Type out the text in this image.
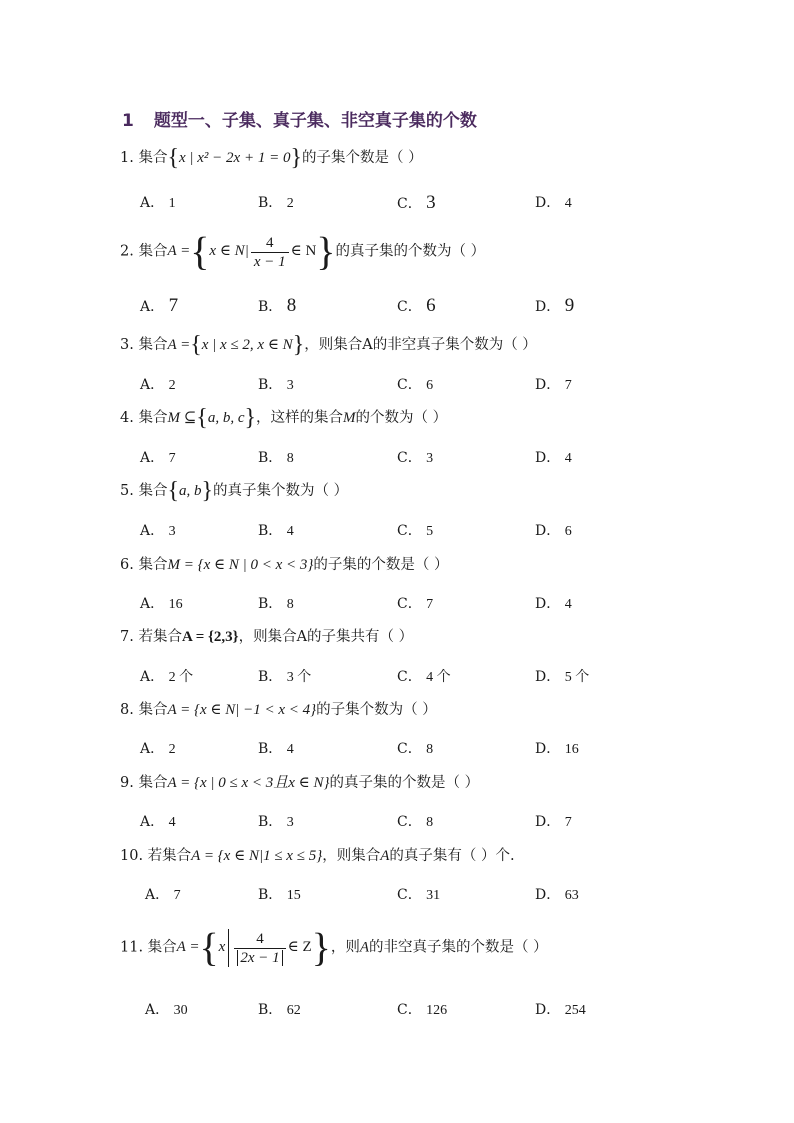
1 题型一、子集、真子集、非空真子集的个数
1. 集合{x | x² − 2x + 1 = 0}的子集个数是（ ）
A． 1	B． 2	C． 3	D． 4
2. 集合A ={x ∈ $N| \frac{4}{x - 1}$ ∈ N}的真子集的个数为（ ）
A． 7	B． 8	C． 6	D． 9
3. 集合A ={x | x ≤ 2, x ∈ N}，则集合A的非空真子集个数为（ ）
A． 2	B． 3	C． 6	D． 7
4. 集合M ⊆{a, b, c}，这样的集合M的个数为（ ）
A． 7	B． 8	C． 3	D． 4
5. 集合{a, b}的真子集个数为（ ）
A． 3	B． 4	C． 5	D． 6
6. 集合M = {x ∈ N | 0 < x < 3}的子集的个数是（ ）
A． 16	B． 8	C． 7	D． 4
7. 若集合A = {2,3}，则集合A的子集共有（ ）
A． 2 个	B． 3 个	C． 4 个	D． 5 个
8. 集合A = {x ∈ N| −1 < x < 4}的子集个数为（ ）
A． 2	B． 4	C． 8	D． 16
9. 集合A = {x | 0 ≤ x < 3且x ∈ N}的真子集的个数是（ ）
A． 4	B． 3	C． 8	D． 7
10. 若集合A = {x ∈ N|1 ≤ x ≤ 5}，则集合A的真子集有（ ）个.
A． 7	B． 15	C． 31	D． 63
11. 集合$A =\{x \frac{4}{2x - 1}$ ∈ Z}，则A的非空真子集的个数是（ ）
A． 30	B． 62	C． 126	D． 254
